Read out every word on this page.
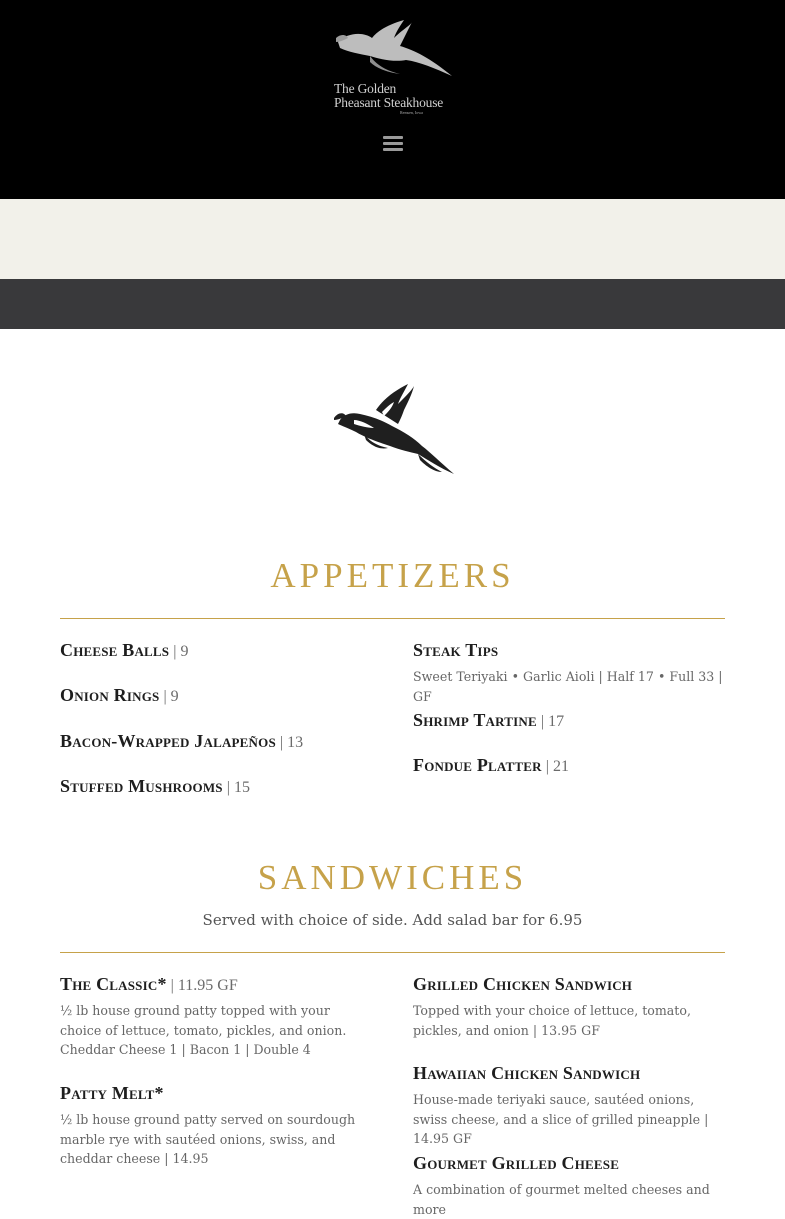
The Golden
Pheasant Steakhouse
Remsen, Iowa
APPETIZERS
Cheese Balls | 9
Onion Rings | 9
Bacon-Wrapped Jalapeños | 13
Stuffed Mushrooms | 15
Steak Tips
Sweet Teriyaki • Garlic Aioli | Half 17 • Full 33 | GF
Shrimp Tartine | 17
Fondue Platter | 21
SANDWICHES
Served with choice of side. Add salad bar for 6.95
The Classic* | 11.95 GF
½ lb house ground patty topped with your choice of lettuce, tomato, pickles, and onion. Cheddar Cheese 1 | Bacon 1 | Double 4
Patty Melt*
½ lb house ground patty served on sourdough marble rye with sautéed onions, swiss, and cheddar cheese | 14.95
Grilled Chicken Sandwich
Topped with your choice of lettuce, tomato, pickles, and onion | 13.95 GF
Hawaiian Chicken Sandwich
House-made teriyaki sauce, sautéed onions, swiss cheese, and a slice of grilled pineapple | 14.95 GF
Gourmet Grilled Cheese
A combination of gourmet melted cheeses and more
